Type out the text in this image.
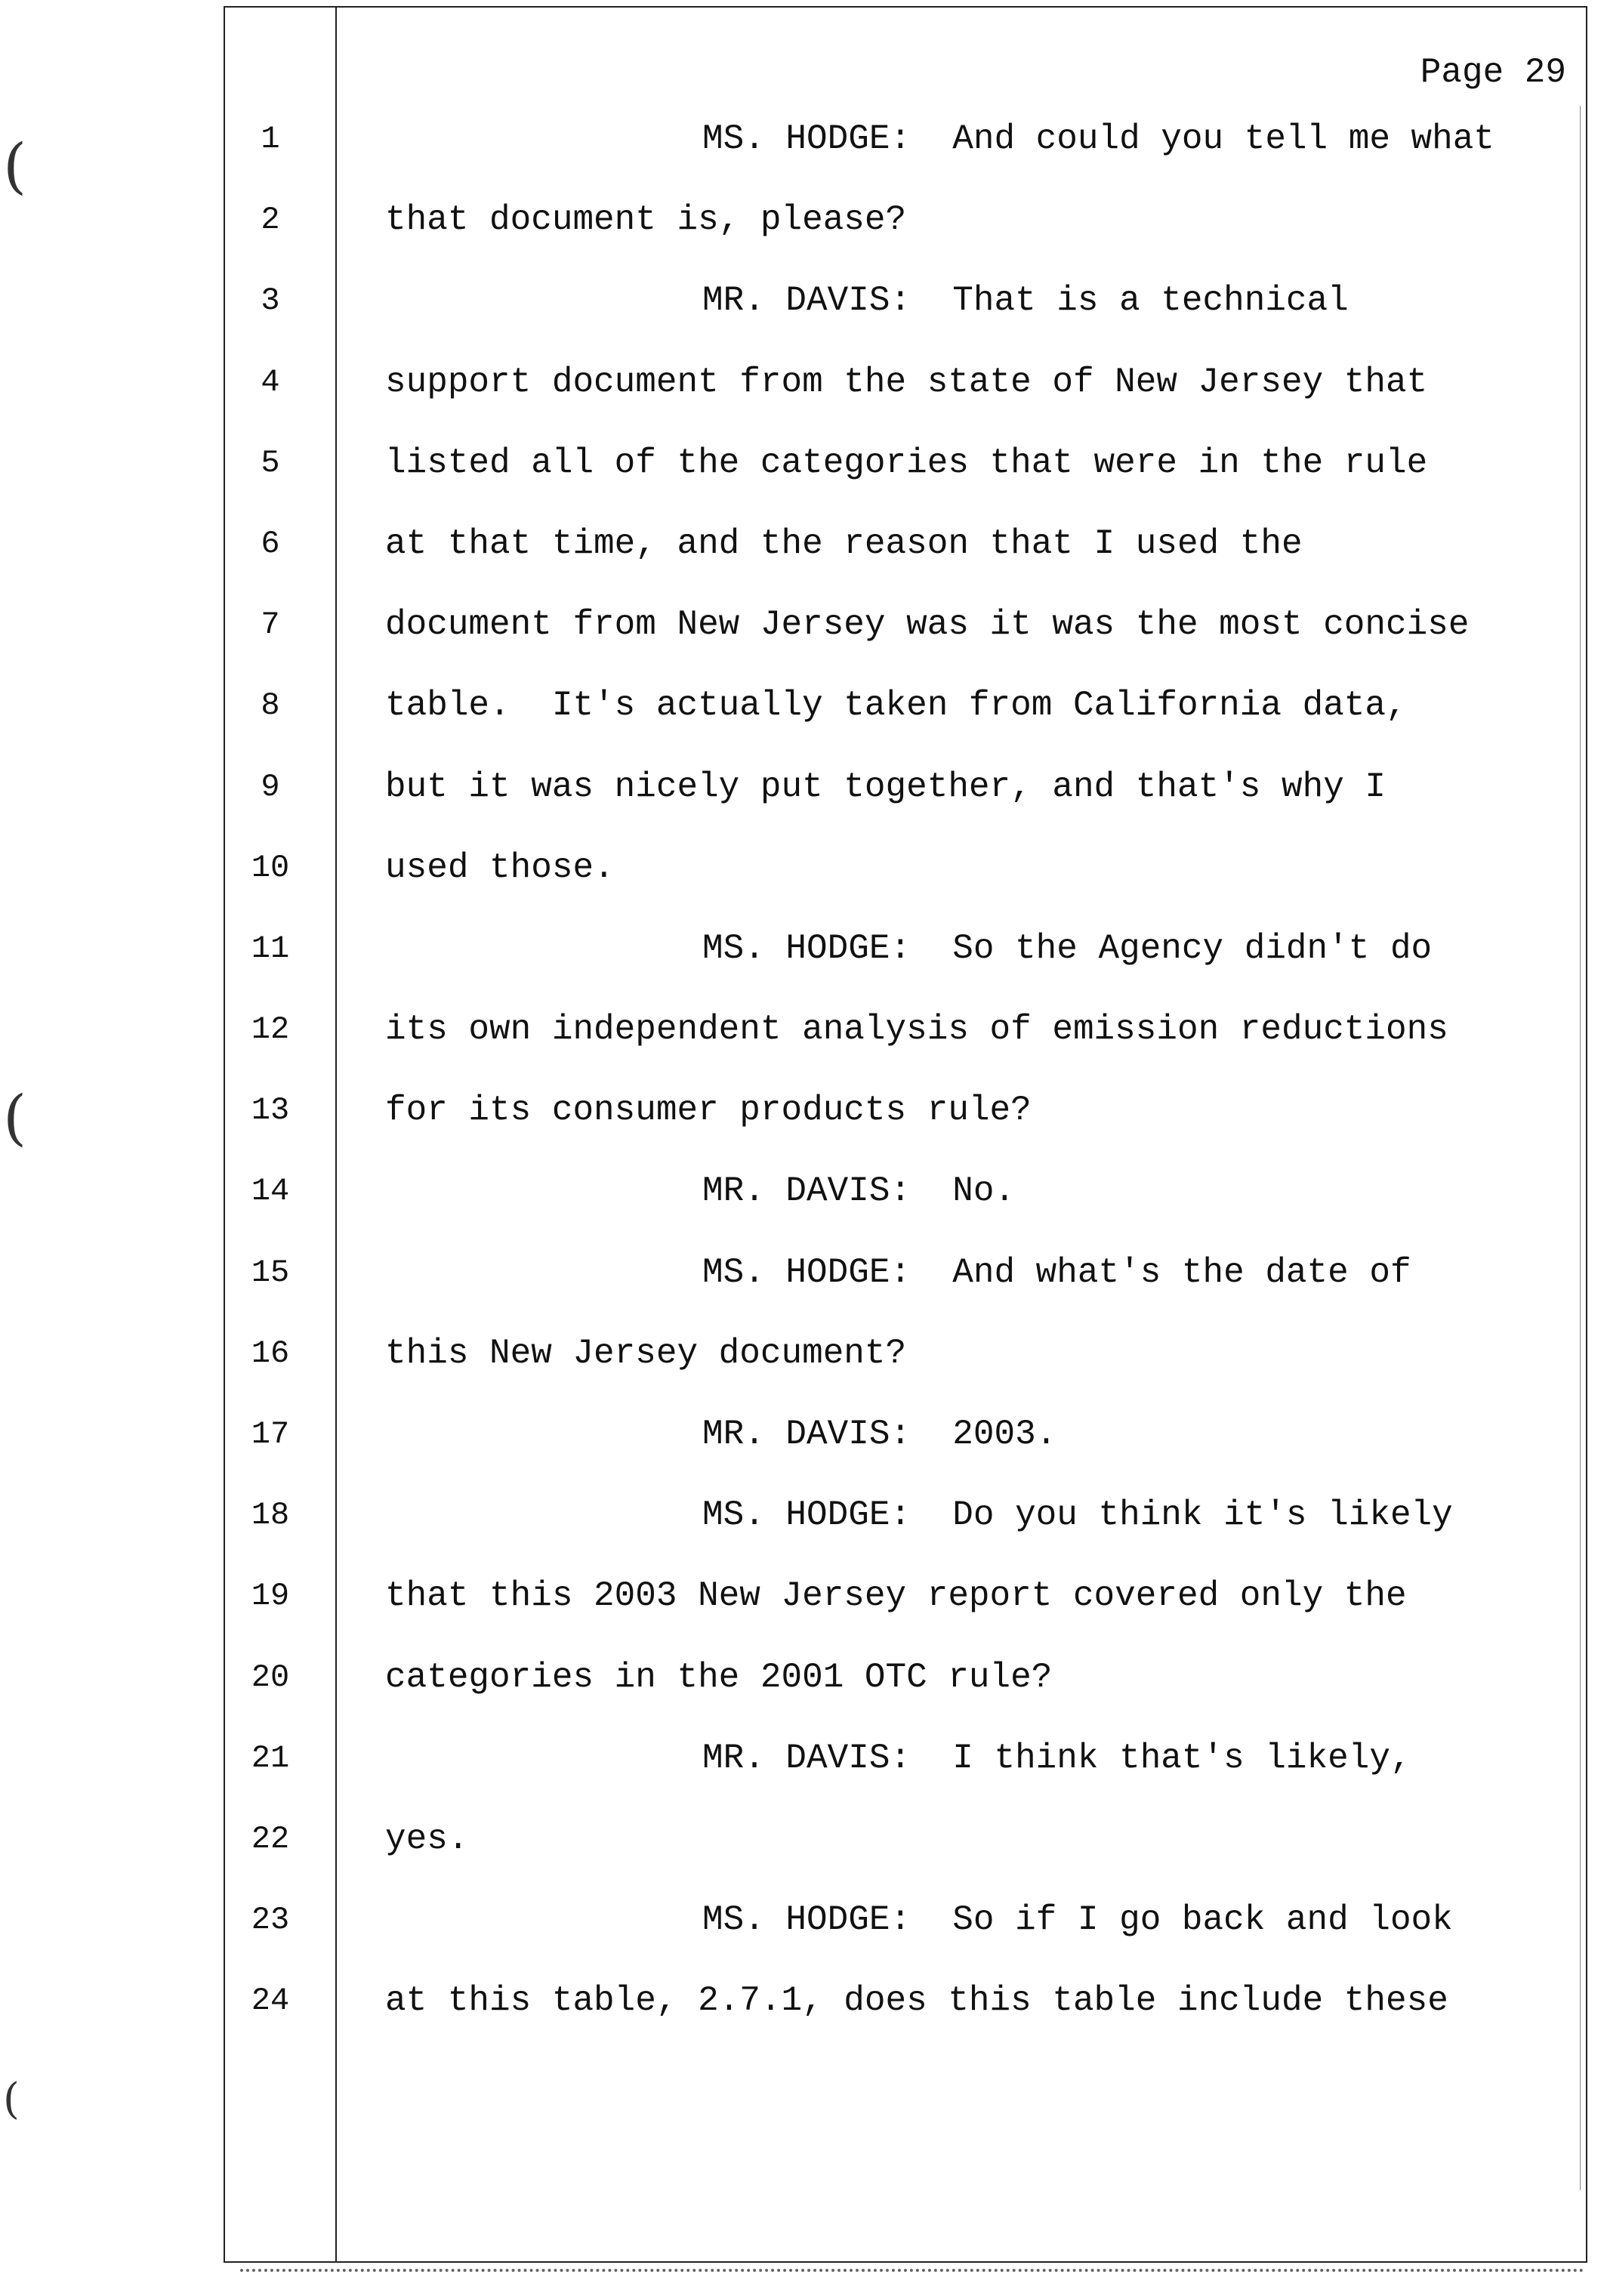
(
(
(
Page 29
1	MS. HODGE:  And could you tell me what
2	that document is, please?
3	MR. DAVIS:  That is a technical
4	support document from the state of New Jersey that
5	listed all of the categories that were in the rule
6	at that time, and the reason that I used the
7	document from New Jersey was it was the most concise
8	table.  It's actually taken from California data,
9	but it was nicely put together, and that's why I
10	used those.
11	MS. HODGE:  So the Agency didn't do
12	its own independent analysis of emission reductions
13	for its consumer products rule?
14	MR. DAVIS:  No.
15	MS. HODGE:  And what's the date of
16	this New Jersey document?
17	MR. DAVIS:  2003.
18	MS. HODGE:  Do you think it's likely
19	that this 2003 New Jersey report covered only the
20	categories in the 2001 OTC rule?
21	MR. DAVIS:  I think that's likely,
22	yes.
23	MS. HODGE:  So if I go back and look
24	at this table, 2.7.1, does this table include these
